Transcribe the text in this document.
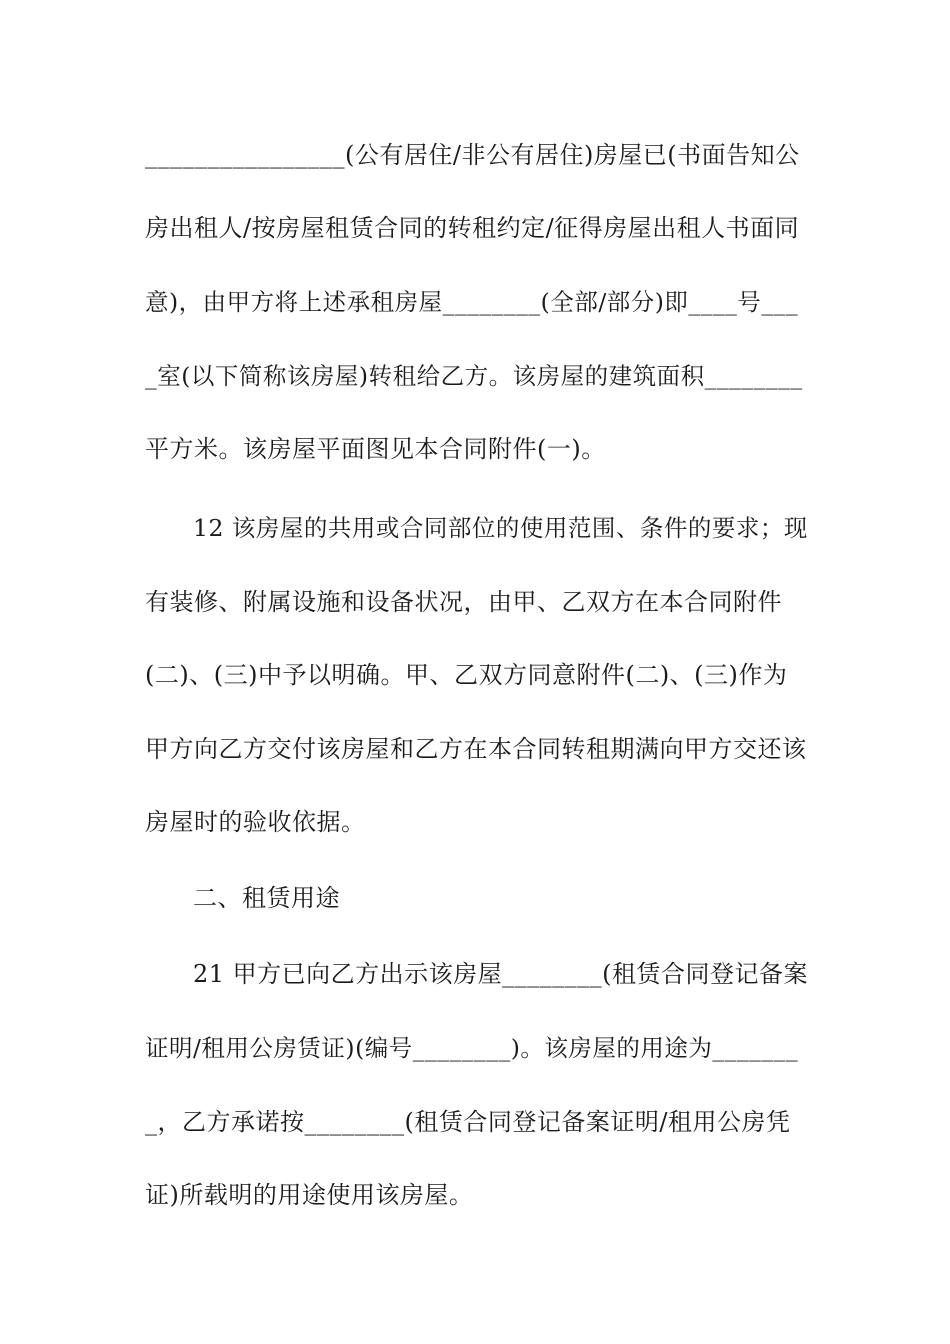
________________(公有居住/非公有居住)房屋已(书面告知公
房出租人/按房屋租赁合同的转租约定/征得房屋出租人书面同
意)，由甲方将上述承租房屋________(全部/部分)即____号___
_室(以下简称该房屋)转租给乙方。该房屋的建筑面积________
平方米。该房屋平面图见本合同附件(一)。
12 该房屋的共用或合同部位的使用范围、条件的要求；现
有装修、附属设施和设备状况，由甲、乙双方在本合同附件
(二)、(三)中予以明确。甲、乙双方同意附件(二)、(三)作为
甲方向乙方交付该房屋和乙方在本合同转租期满向甲方交还该
房屋时的验收依据。
二、租赁用途
21 甲方已向乙方出示该房屋________(租赁合同登记备案
证明/租用公房赁证)(编号________)。该房屋的用途为_______
_，乙方承诺按________(租赁合同登记备案证明/租用公房凭
证)所载明的用途使用该房屋。
